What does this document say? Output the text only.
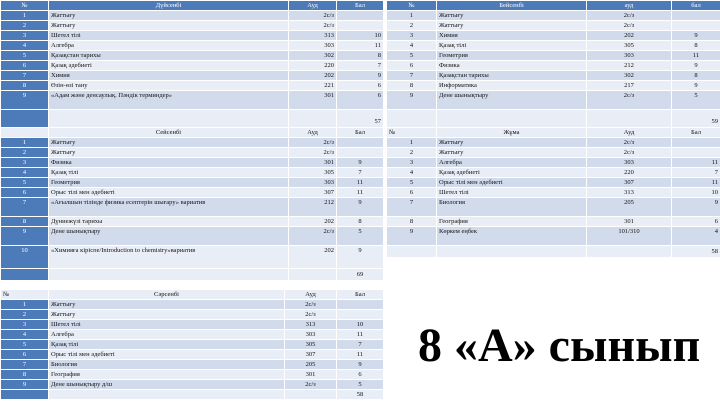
№	Дүйсенбі	Ауд	Бал
1	Жаттығу	2с/з	
2	Жаттығу	2с/з	
3	Шетел тілі	313	10
4	Алгебра	303	11
5	Қазақстан тарихы	302	8
6	Қазақ әдебиеті	220	7
7	Химия	202	9
8	Өзін-өзі тану	221	6
9	«Адам және денсаулық. Пәндік терминдер»	301	6
			57
№	Бейсенбі	ауд	бал
1	Жаттығу	2с/з	
2	Жаттығу	2с/з	
3	Химия	202	9
4	Қазақ тілі	305	8
5	Геометрия	303	11
6	Физика	212	9
7	Қазақстан тарихы	302	8
8	Информатика	217	9
9	Дене шынықтыру	2с/з	5
			59
	Сейсенбі	Ауд	Бал
1	Жаттығу	2с/з	
2	Жаттығу	2с/з	
3	Физика	301	9
4	Қазақ тілі	305	7
5	Геометрия	303	11
6	Орыс тілі мен әдебиеті	307	11
7	«Ағылшын тілінде физика есептерін шығару» вариатив	212	9
8	Дүниежүзі тарихы	202	8
9	Дене шынықтыру	2с/з	5
10	«Химияға кіріспе/Introduction to chemistry»вариатив	202	9
			69
№	Жұма	Ауд	Бал
1	Жаттығу	2с/з	
2	Жаттығу	2с/з	
3	Алгебра	303	11
4	Қазақ әдебиеті	220	7
5	Орыс тілі мен әдебиеті	307	11
6	Шетел тілі	313	10
7	Биология	205	9
8	География	301	6
9	Көркем еңбек	101/310	4
			58
№	Сәрсенбі	Ауд	Бал
1	Жаттығу	2с/з	
2	Жаттығу	2с/з	
3	Шетел тілі	313	10
4	Алгебра	303	11
5	Қазақ тілі	305	7
6	Орыс тілі мен әдебиеті	307	11
7	Биология	205	9
8	География	301	6
9	Дене шынықтыру д/ш	2с/з	5
			58
8 «А» сынып
